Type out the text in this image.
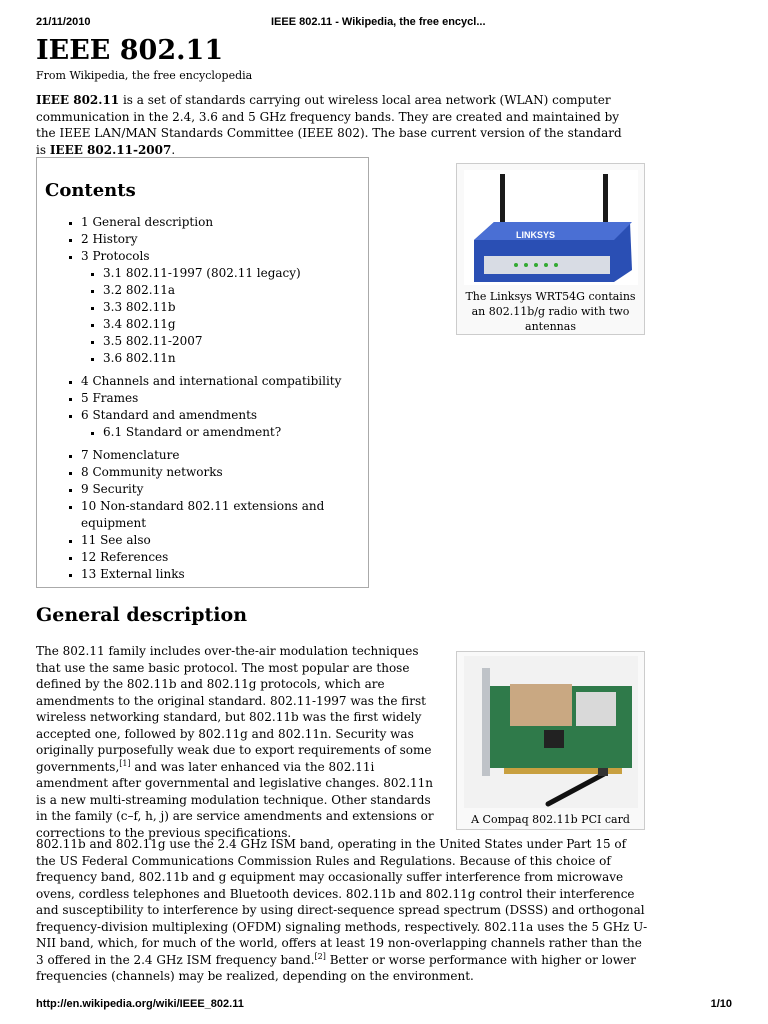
21/11/2010	IEEE 802.11 - Wikipedia, the free encycl...
IEEE 802.11
From Wikipedia, the free encyclopedia

IEEE 802.11 is a set of standards carrying out wireless local area network (WLAN) computer communication in the 2.4, 3.6 and 5 GHz frequency bands. They are created and maintained by the IEEE LAN/MAN Standards Committee (IEEE 802). The base current version of the standard is IEEE 802.11-2007.

Contents
▪ 1 General description
▪ 2 History
▪ 3 Protocols
▪ 3.1 802.11-1997 (802.11 legacy)
▪ 3.2 802.11a
▪ 3.3 802.11b
▪ 3.4 802.11g
▪ 3.5 802.11-2007
▪ 3.6 802.11n
▪ 4 Channels and international compatibility
▪ 5 Frames
▪ 6 Standard and amendments
▪ 6.1 Standard or amendment?
▪ 7 Nomenclature
▪ 8 Community networks
▪ 9 Security
▪ 10 Non-standard 802.11 extensions and equipment
▪ 11 See also
▪ 12 References
▪ 13 External links
LINKSYS
The Linksys WRT54G contains an 802.11b/g radio with two antennas
General description

The 802.11 family includes over-the-air modulation techniques that use the same basic protocol. The most popular are those defined by the 802.11b and 802.11g protocols, which are amendments to the original standard. 802.11-1997 was the first wireless networking standard, but 802.11b was the first widely accepted one, followed by 802.11g and 802.11n. Security was originally purposefully weak due to export requirements of some governments,[1] and was later enhanced via the 802.11i amendment after governmental and legislative changes. 802.11n is a new multi-streaming modulation technique. Other standards in the family (c–f, h, j) are service amendments and extensions or corrections to the previous specifications.

A Compaq 802.11b PCI card

802.11b and 802.11g use the 2.4 GHz ISM band, operating in the United States under Part 15 of the US Federal Communications Commission Rules and Regulations. Because of this choice of frequency band, 802.11b and g equipment may occasionally suffer interference from microwave ovens, cordless telephones and Bluetooth devices. 802.11b and 802.11g control their interference and susceptibility to interference by using direct-sequence spread spectrum (DSSS) and orthogonal frequency-division multiplexing (OFDM) signaling methods, respectively. 802.11a uses the 5 GHz U-NII band, which, for much of the world, offers at least 19 non-overlapping channels rather than the 3 offered in the 2.4 GHz ISM frequency band.[2] Better or worse performance with higher or lower frequencies (channels) may be realized, depending on the environment.

http://en.wikipedia.org/wiki/IEEE_802.11	1/10
